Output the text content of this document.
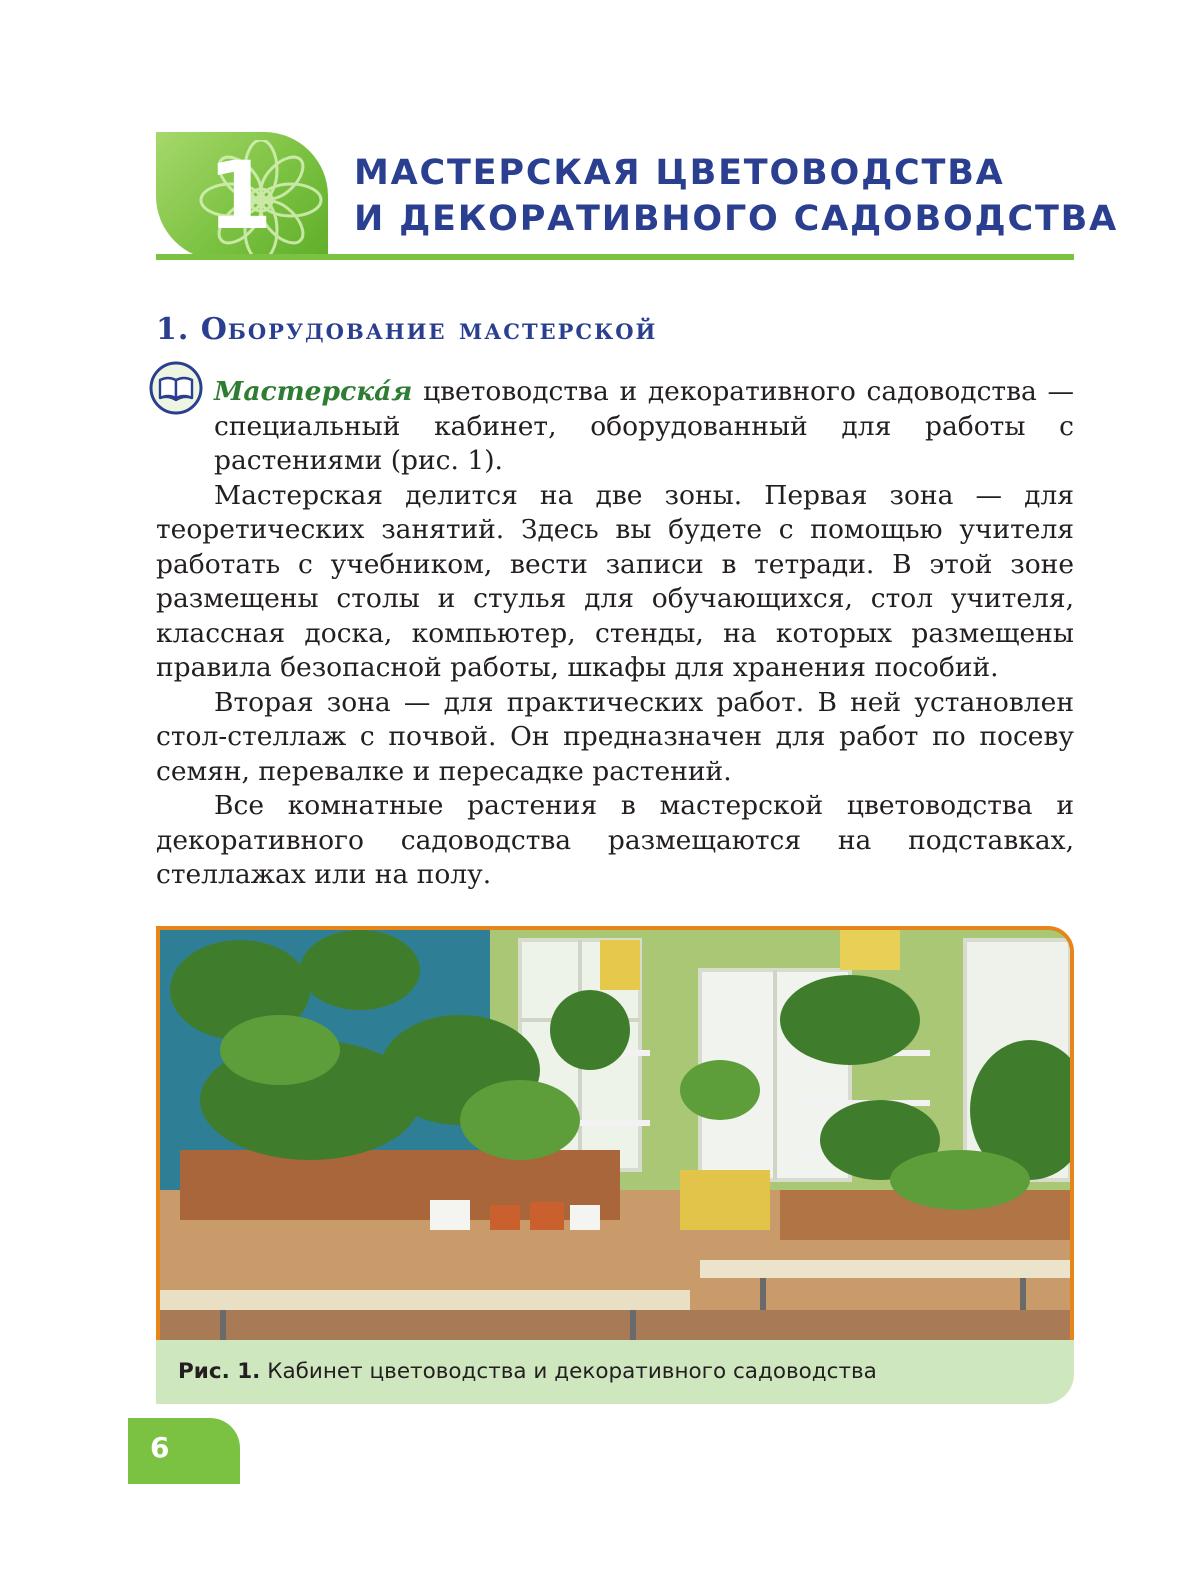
1 МАСТЕРСКАЯ ЦВЕТОВОДСТВА
И ДЕКОРАТИВНОГО САДОВОДСТВА
1. Оборудование мастерской

Мастерска́я цветоводства и декоративного садоводства — специальный кабинет, оборудованный для работы с растениями (рис. 1).

Мастерская делится на две зоны. Первая зона — для теоретических занятий. Здесь вы будете с помощью учителя работать с учебником, вести записи в тетради. В этой зоне размещены столы и стулья для обучающихся, стол учителя, классная доска, компьютер, стенды, на которых размещены правила безопасной работы, шкафы для хранения пособий.

Вторая зона — для практических работ. В ней установлен стол-стеллаж с почвой. Он предназначен для работ по посеву семян, перевалке и пересадке растений.

Все комнатные растения в мастерской цветоводства и декоративного садоводства размещаются на подставках, стеллажах или на полу.

Рис. 1. Кабинет цветоводства и декоративного садоводства
6
